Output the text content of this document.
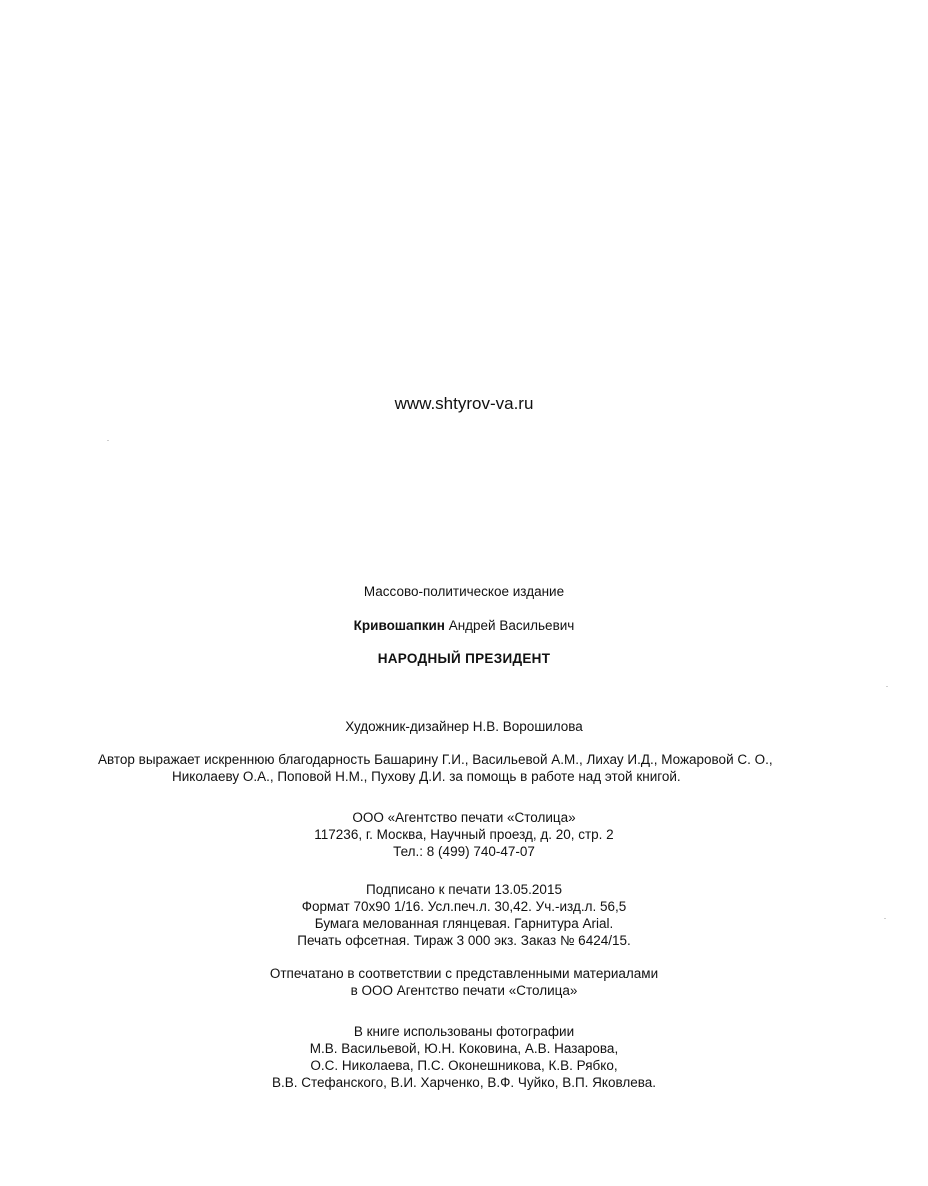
www.shtyrov-va.ru
Массово-политическое издание
Кривошапкин Андрей Васильевич
НАРОДНЫЙ ПРЕЗИДЕНТ
Художник-дизайнер Н.В. Ворошилова
Автор выражает искреннюю благодарность Башарину Г.И., Васильевой А.М., Лихау И.Д., Можаровой С. О.,
Николаеву О.А., Поповой Н.М., Пухову Д.И. за помощь в работе над этой книгой.
ООО «Агентство печати «Столица»
117236, г. Москва, Научный проезд, д. 20, стр. 2
Тел.: 8 (499) 740-47-07
Подписано к печати 13.05.2015
Формат 70x90 1/16. Усл.печ.л. 30,42. Уч.-изд.л. 56,5
Бумага мелованная глянцевая. Гарнитура Arial.
Печать офсетная. Тираж 3 000 экз. Заказ № 6424/15.
Отпечатано в соответствии с представленными материалами
в ООО Агентство печати «Столица»
В книге использованы фотографии
М.В. Васильевой, Ю.Н. Коковина, А.В. Назарова,
О.С. Николаева, П.С. Оконешникова, К.В. Рябко,
В.В. Стефанского, В.И. Харченко, В.Ф. Чуйко, В.П. Яковлева.
